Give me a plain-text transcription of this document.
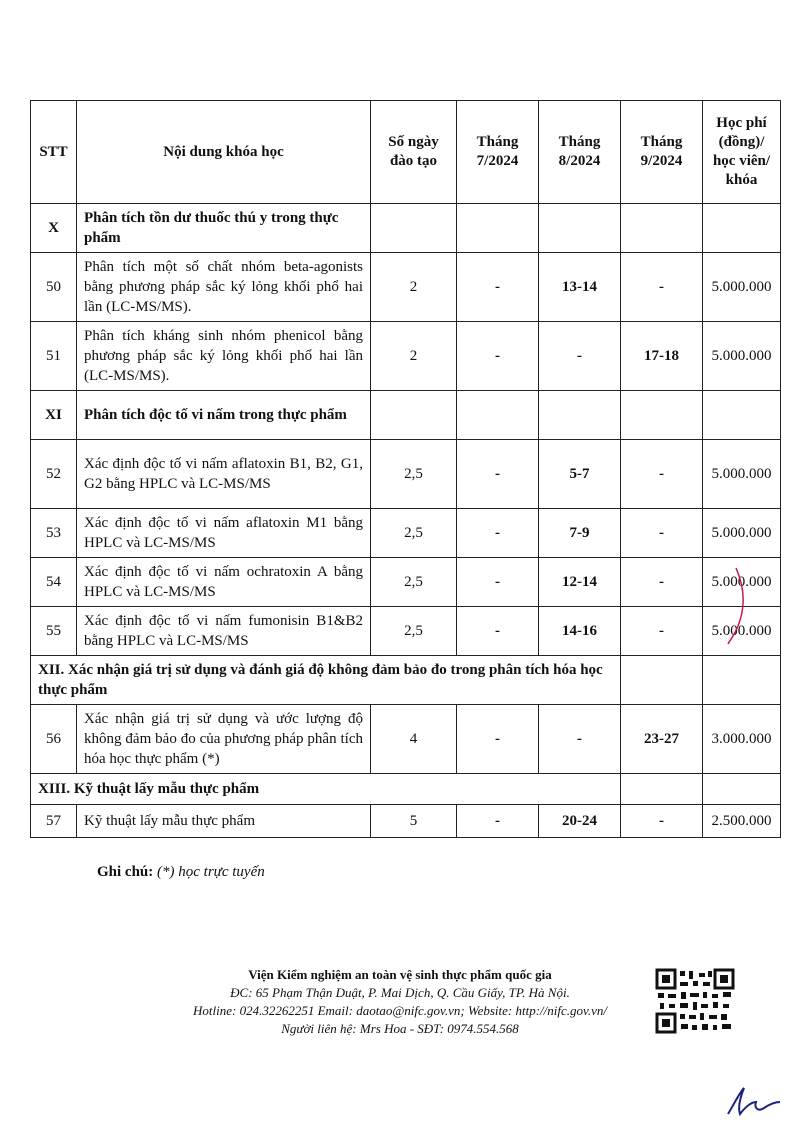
STT	Nội dung khóa học	Số ngày đào tạo	Tháng 7/2024	Tháng 8/2024	Tháng 9/2024	Học phí (đồng)/ học viên/ khóa
X	Phân tích tồn dư thuốc thú y trong thực phẩm					
50	Phân tích một số chất nhóm beta-agonists bằng phương pháp sắc ký lỏng khối phổ hai lần (LC-MS/MS).	2	-	13-14	-	5.000.000
51	Phân tích kháng sinh nhóm phenicol bằng phương pháp sắc ký lỏng khối phổ hai lần (LC-MS/MS).	2	-	-	17-18	5.000.000
XI	Phân tích độc tố vi nấm trong thực phẩm					
52	Xác định độc tố vi nấm aflatoxin B1, B2, G1, G2 bằng HPLC và LC-MS/MS	2,5	-	5-7	-	5.000.000
53	Xác định độc tố vi nấm aflatoxin M1 bằng HPLC và LC-MS/MS	2,5	-	7-9	-	5.000.000
54	Xác định độc tố vi nấm ochratoxin A bằng HPLC và LC-MS/MS	2,5	-	12-14	-	5.000.000
55	Xác định độc tố vi nấm fumonisin B1&B2 bằng HPLC và LC-MS/MS	2,5	-	14-16	-	5.000.000
XII. Xác nhận giá trị sử dụng và đánh giá độ không đảm bảo đo trong phân tích hóa học thực phẩm						
56	Xác nhận giá trị sử dụng và ước lượng độ không đảm bảo đo của phương pháp phân tích hóa học thực phẩm (*)	4	-	-	23-27	3.000.000
XIII. Kỹ thuật lấy mẫu thực phẩm						
57	Kỹ thuật lấy mẫu thực phẩm	5	-	20-24	-	2.500.000
Ghi chú: (*) học trực tuyến
Viện Kiểm nghiệm an toàn vệ sinh thực phẩm quốc gia
ĐC: 65 Phạm Thận Duật, P. Mai Dịch, Q. Cầu Giấy, TP. Hà Nội.
Hotline: 024.32262251 Email: daotao@nifc.gov.vn; Website: http://nifc.gov.vn/
Người liên hệ: Mrs Hoa - SĐT: 0974.554.568
